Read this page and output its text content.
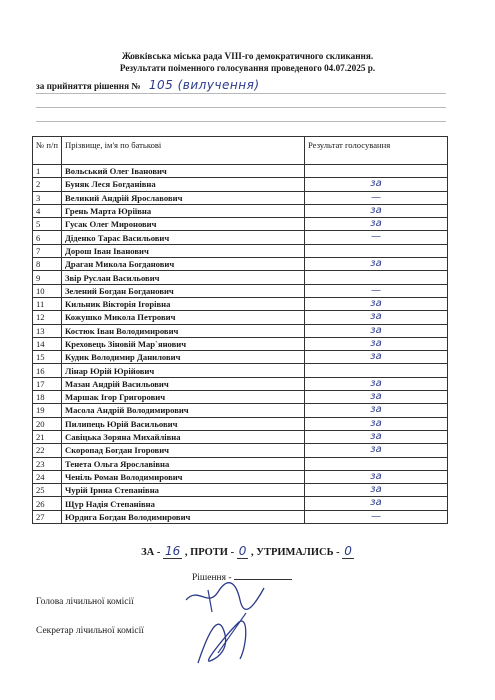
Жовківська міська рада VIII-го демократичного скликання.
Результати поіменного голосування проведеного 04.07.2025 р.
за прийняття рішення № 105 (вилучення)
№ п/п	Прізвище, ім'я по батькові	Результат голосування
1	Вольський Олег Іванович	

2	Буняк Леся Богданівна	за

3	Великий Андрій Ярославович	—

4	Грень Марта Юріївна	за

5	Гусак Олег Миронович	за

6	Діденко Тарас Васильович	—

7	Дорош Іван Іванович	

8	Драган Микола Богданович	за

9	Звір Руслан Васильович	

10	Зелений Богдан Богданович	—

11	Кильник Вікторія Ігорівна	за

12	Кожушко Микола Петрович	за

13	Костюк Іван Володимирович	за

14	Креховець Зіновій Мар`янович	за

15	Кудик Володимир Данилович	за

16	Лінар Юрій Юрійович	

17	Мазан Андрій Васильович	за

18	Маршак Ігор Григорович	за

19	Масола Андрій Володимирович	за

20	Пилипець Юрій Васильович	за

21	Савіцька Зоряна Михайлівна	за

22	Скоропад Богдан Ігорович	за

23	Тенета Ольга Ярославівна	

24	Ченіль Роман Володимирович	за

25	Чурій Ірина Степанівна	за

26	Щур Надія Степанівна	за

27	Юрдига Богдан Володимирович	—
ЗА - 16 , ПРОТИ - 0 , УТРИМАЛИСЬ - 0
Рішення -
Голова лічильної комісії
Секретар лічильної комісії
